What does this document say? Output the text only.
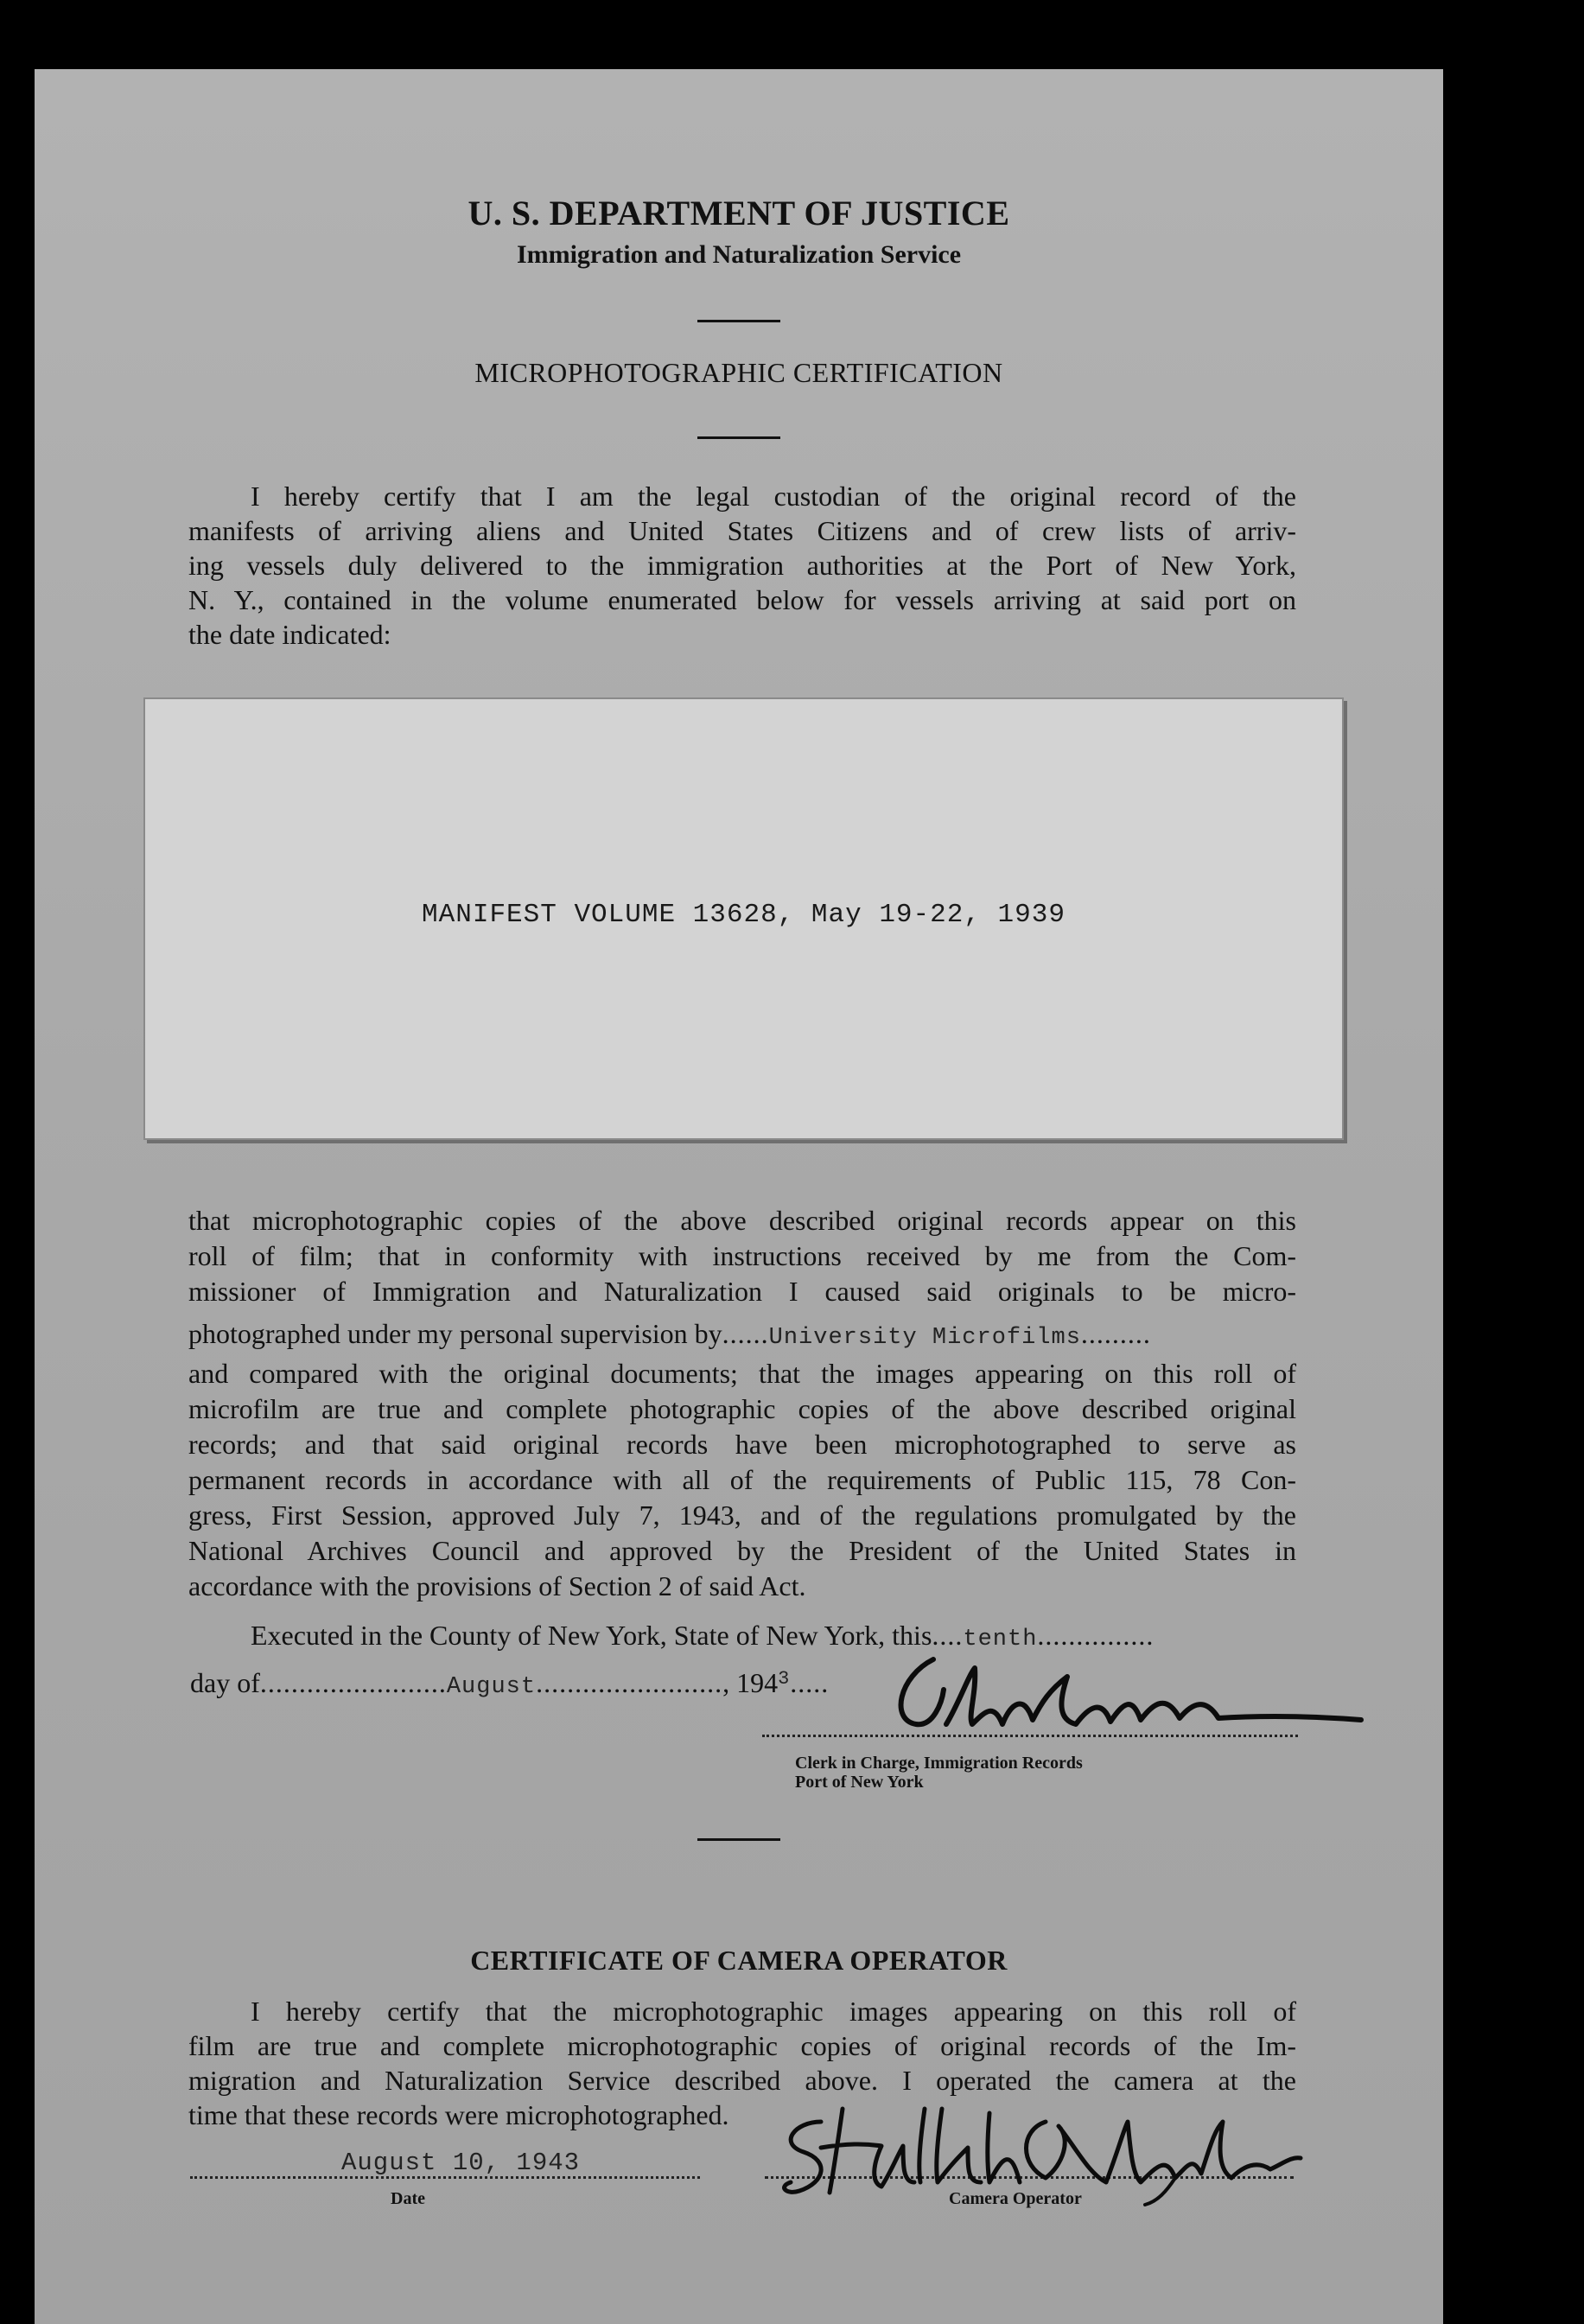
U. S. DEPARTMENT OF JUSTICE
Immigration and Naturalization Service
MICROPHOTOGRAPHIC CERTIFICATION
I hereby certify that I am the legal custodian of the original record of the
manifests of arriving aliens and United States Citizens and of crew lists of arriv-
ing vessels duly delivered to the immigration authorities at the Port of New York,
N. Y., contained in the volume enumerated below for vessels arriving at said port on
the date indicated:
MANIFEST VOLUME 13628, May 19-22, 1939
that microphotographic copies of the above described original records appear on this
roll of film; that in conformity with instructions received by me from the Com-
missioner of Immigration and Naturalization I caused said originals to be micro-
photographed under my personal supervision by......University Microfilms.........
and compared with the original documents; that the images appearing on this roll of
microfilm are true and complete photographic copies of the above described original
records; and that said original records have been microphotographed to serve as
permanent records in accordance with all of the requirements of Public 115, 78 Con-
gress, First Session, approved July 7, 1943, and of the regulations promulgated by the
National Archives Council and approved by the President of the United States in
accordance with the provisions of Section 2 of said Act.
Executed in the County of New York, State of New York, this....tenth...............
day of........................August........................, $194^3$.....
Clerk in Charge, Immigration Records
Port of New York
CERTIFICATE OF CAMERA OPERATOR
I hereby certify that the microphotographic images appearing on this roll of
film are true and complete microphotographic copies of original records of the Im-
migration and Naturalization Service described above. I operated the camera at the
time that these records were microphotographed.
August 10, 1943
Date	Camera Operator
